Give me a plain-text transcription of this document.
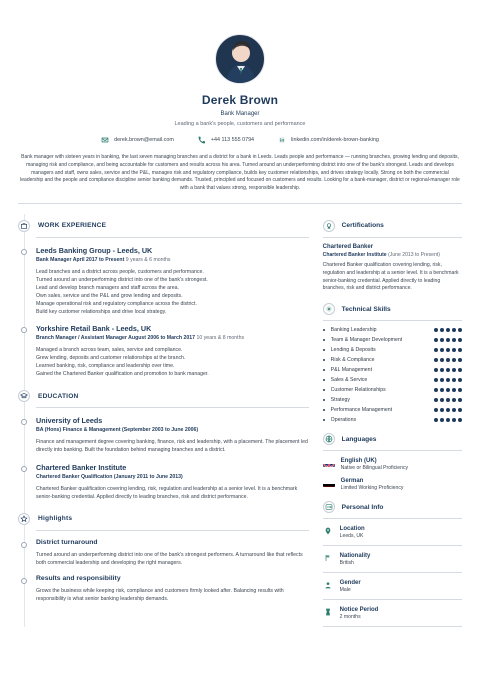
Derek Brown
Bank Manager
Leading a bank's people, customers and performance
derek.brown@email.com	+44 113 555 0794	linkedin.com/in/derek-brown-banking
Bank manager with sixteen years in banking, the last seven managing branches and a district for a bank in Leeds. Leads people and performance — running branches, growing lending and deposits, managing risk and compliance, and being accountable for customers and results across his area. Turned around an underperforming district into one of the bank's strongest. Leads and develops managers and staff, owns sales, service and the P&L, manages risk and regulatory compliance, builds key customer relationships, and drives strategy locally. Strong on both the commercial leadership and the people and compliance discipline senior banking demands. Trusted, principled and focused on customers and results. Looking for a bank-manager, district or regional-manager role with a bank that values strong, responsible leadership.
WORK EXPERIENCE
Leeds Banking Group - Leeds, UK
Bank Manager April 2017 to Present 9 years & 6 months
Lead branches and a district across people, customers and performance.
Turned around an underperforming district into one of the bank's strongest.
Lead and develop branch managers and staff across the area.
Own sales, service and the P&L and grow lending and deposits.
Manage operational risk and regulatory compliance across the district.
Build key customer relationships and drive local strategy.
Yorkshire Retail Bank - Leeds, UK
Branch Manager / Assistant Manager August 2006 to March 2017 10 years & 8 months
Managed a branch across team, sales, service and compliance.
Grew lending, deposits and customer relationships at the branch.
Learned banking, risk, compliance and leadership over time.
Gained the Chartered Banker qualification and promotion to bank manager.
EDUCATION
University of Leeds
BA (Hons) Finance & Management (September 2003 to June 2006)
Finance and management degree covering banking, finance, risk and leadership, with a placement. The placement led directly into banking. Built the foundation behind managing branches and a district.
Chartered Banker Institute
Chartered Banker Qualification (January 2011 to June 2013)
Chartered Banker qualification covering lending, risk, regulation and leadership at a senior level. It is a benchmark senior-banking credential. Applied directly to leading branches, risk and district performance.
Highlights
District turnaround
Turned around an underperforming district into one of the bank's strongest performers. A turnaround like that reflects both commercial leadership and developing the right managers.
Results and responsibility
Grows the business while keeping risk, compliance and customers firmly looked after. Balancing results with responsibility is what senior banking leadership demands.
Certifications
Chartered Banker
Chartered Banker Institute (June 2013 to Present)
Chartered Banker qualification covering lending, risk, regulation and leadership at a senior level. It is a benchmark senior-banking credential. Applied directly to leading branches, risk and district performance.
Technical Skills
Banking Leadership
Team & Manager Development
Lending & Deposits
Risk & Compliance
P&L Management
Sales & Service
Customer Relationships
Strategy
Performance Management
Operations
Languages
English (UK)
Native or Bilingual Proficiency
German
Limited Working Proficiency
Personal Info
Location
Leeds, UK
Nationality
British
Gender
Male
Notice Period
2 months
